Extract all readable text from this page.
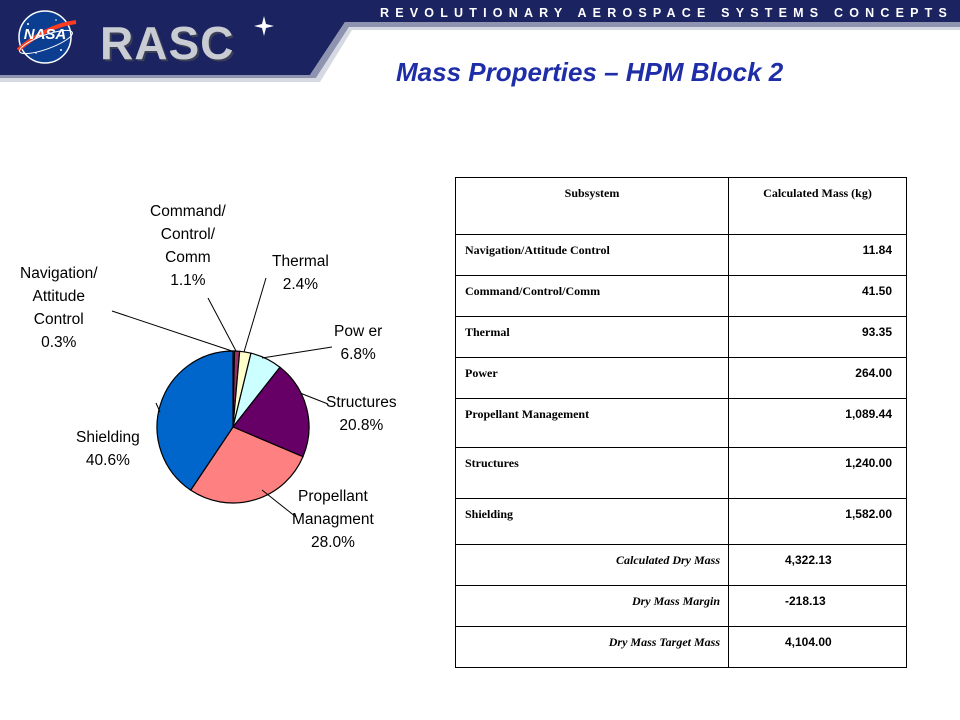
REVOLUTIONARY AEROSPACE SYSTEMS CONCEPTS
NASA RASC
Mass Properties – HPM Block 2
Command/
Control/
Comm
1.1%
Thermal
2.4%
Navigation/
Attitude
Control
0.3%
Pow er
6.8%
Structures
20.8%
Shielding
40.6%
Propellant
Managment
28.0%
Subsystem	Calculated Mass (kg)
Navigation/Attitude Control	11.84
Command/Control/Comm	41.50
Thermal	93.35
Power	264.00
Propellant Management	1,089.44
Structures	1,240.00
Shielding	1,582.00
Calculated Dry Mass	4,322.13
Dry Mass Margin	-218.13
Dry Mass Target Mass	4,104.00
